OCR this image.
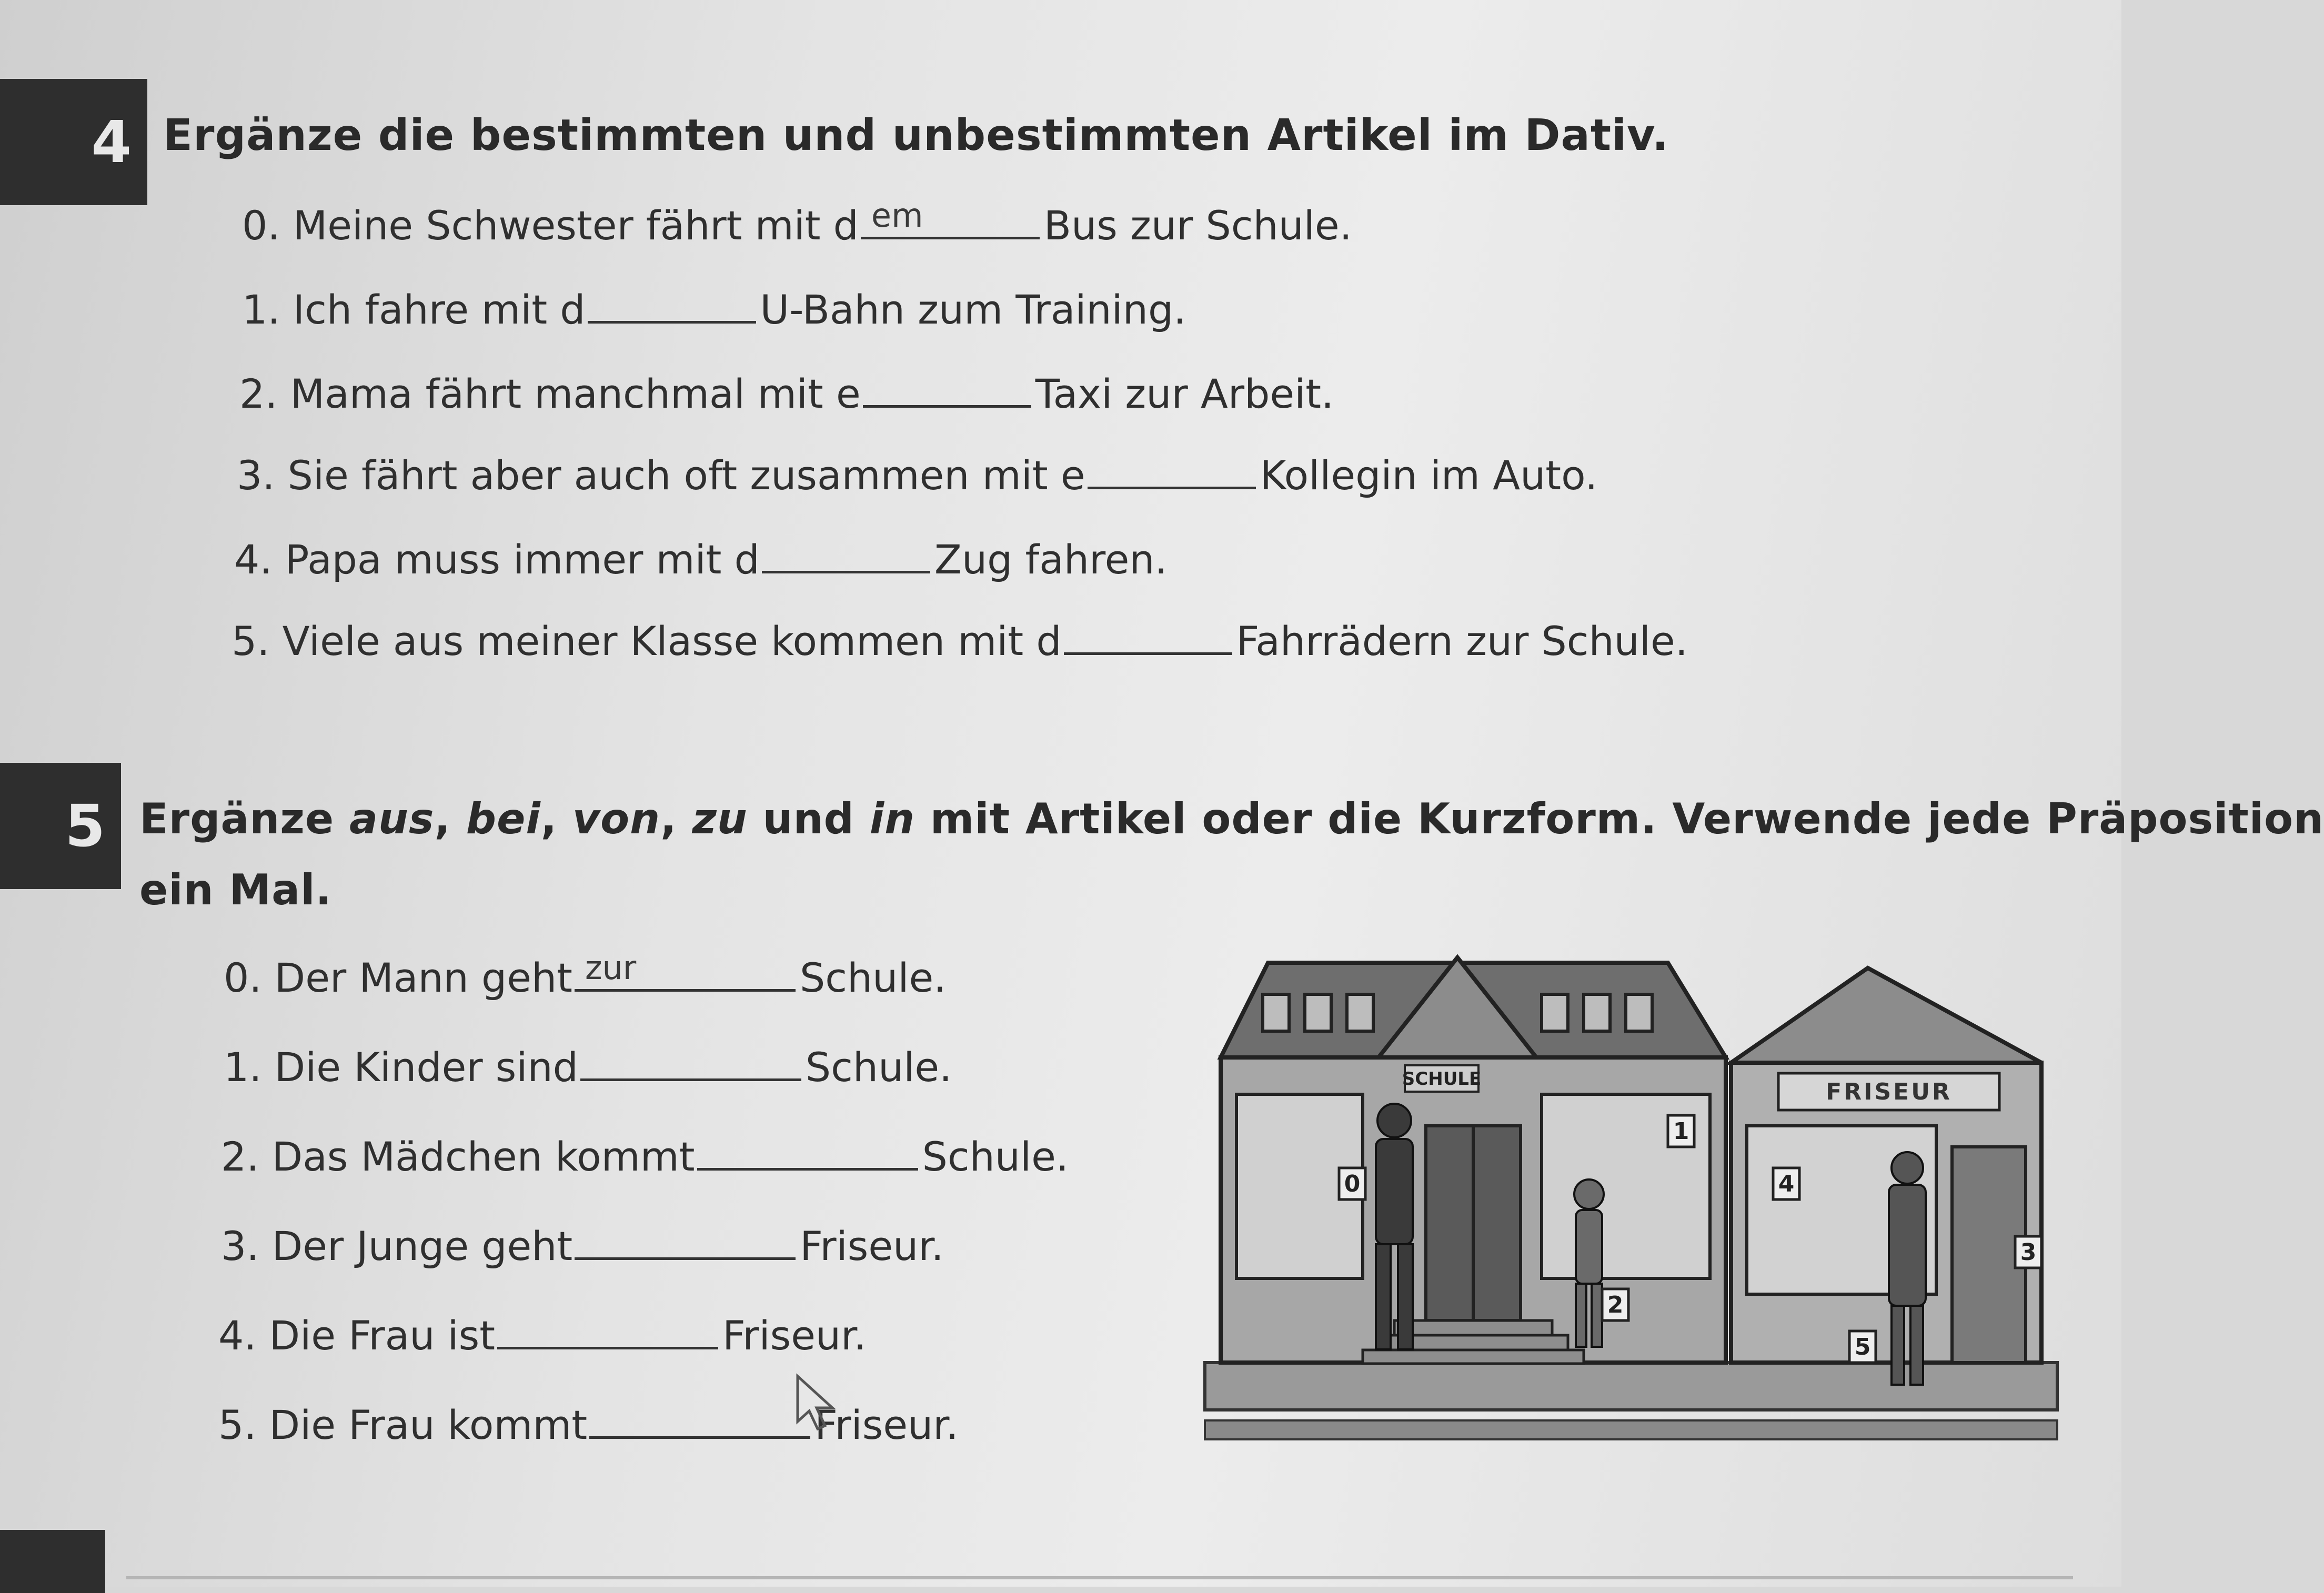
4 Ergänze die bestimmten und unbestimmten Artikel im Dativ.
0. Meine Schwester fährt mit d em	Bus zur Schule.
1. Ich fahre mit d	U-Bahn zum Training.
2. Mama fährt manchmal mit e	Taxi zur Arbeit.
3. Sie fährt aber auch oft zusammen mit e	Kollegin im Auto.
4. Papa muss immer mit d	Zug fahren.
5. Viele aus meiner Klasse kommen mit d	Fahrrädern zur Schule.
5 Ergänze aus, bei, von, zu und in mit Artikel oder die Kurzform. Verwende jede Präposition
ein Mal.
0. Der Mann geht zur	Schule.
1. Die Kinder sind	Schule.
2. Das Mädchen kommt	Schule.
3. Der Junge geht	Friseur.
4. Die Frau ist	Friseur.
5. Die Frau kommt	Friseur.
SCHULE	FRISEUR
0
1
2
3
4
5
